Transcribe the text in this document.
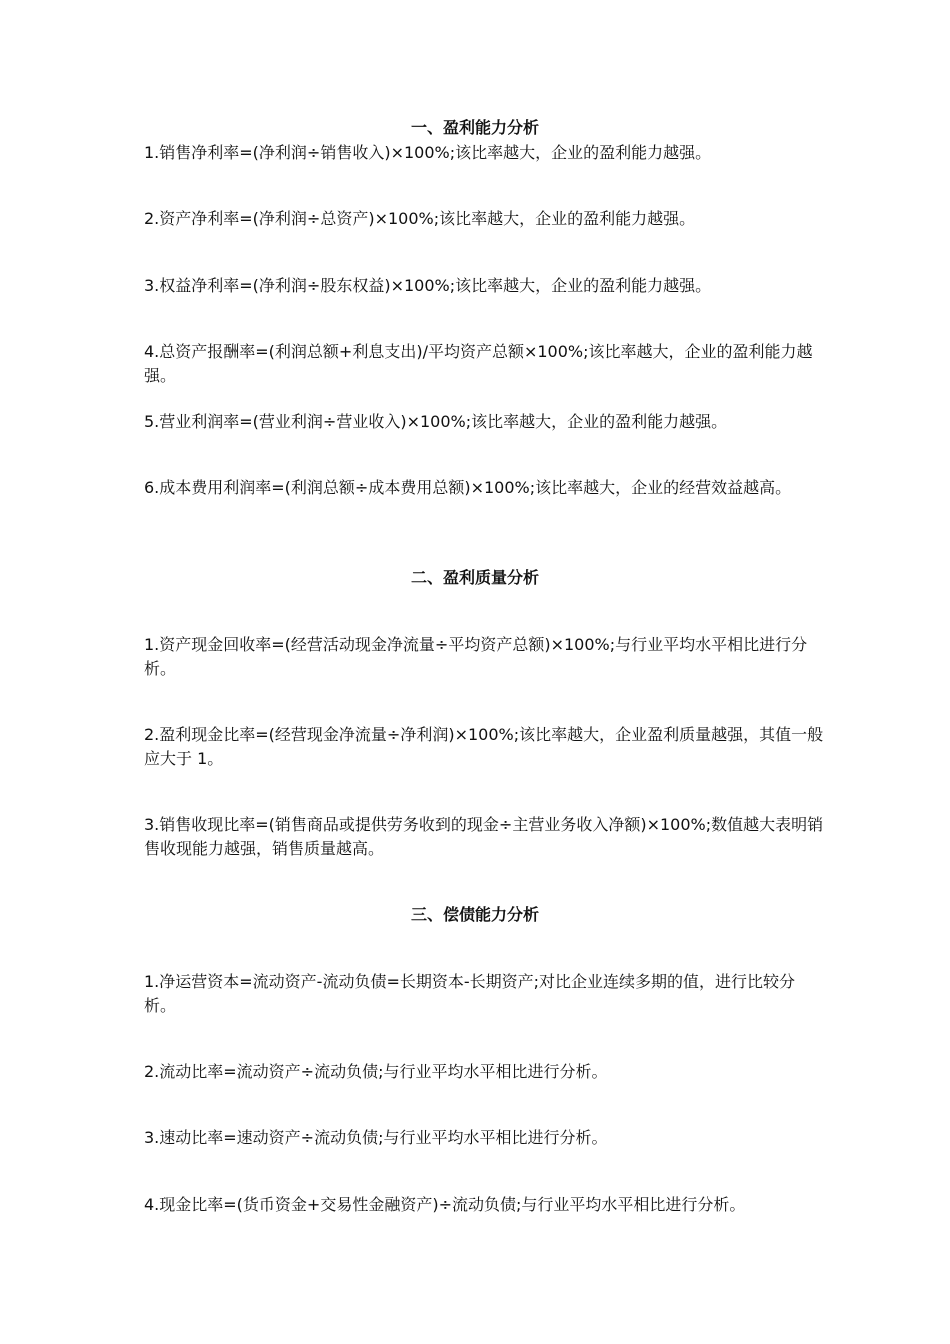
一、盈利能力分析

1.销售净利率=(净利润÷销售收入)×100%;该比率越大，企业的盈利能力越强。

2.资产净利率=(净利润÷总资产)×100%;该比率越大，企业的盈利能力越强。

3.权益净利率=(净利润÷股东权益)×100%;该比率越大，企业的盈利能力越强。

4.总资产报酬率=(利润总额+利息支出)/平均资产总额×100%;该比率越大，企业的盈利能力越强。

5.营业利润率=(营业利润÷营业收入)×100%;该比率越大，企业的盈利能力越强。

6.成本费用利润率=(利润总额÷成本费用总额)×100%;该比率越大，企业的经营效益越高。

二、盈利质量分析

1.资产现金回收率=(经营活动现金净流量÷平均资产总额)×100%;与行业平均水平相比进行分析。

2.盈利现金比率=(经营现金净流量÷净利润)×100%;该比率越大，企业盈利质量越强，其值一般应大于 1。

3.销售收现比率=(销售商品或提供劳务收到的现金÷主营业务收入净额)×100%;数值越大表明销售收现能力越强，销售质量越高。

三、偿债能力分析

1.净运营资本=流动资产-流动负债=长期资本-长期资产;对比企业连续多期的值，进行比较分析。

2.流动比率=流动资产÷流动负债;与行业平均水平相比进行分析。

3.速动比率=速动资产÷流动负债;与行业平均水平相比进行分析。

4.现金比率=(货币资金+交易性金融资产)÷流动负债;与行业平均水平相比进行分析。
